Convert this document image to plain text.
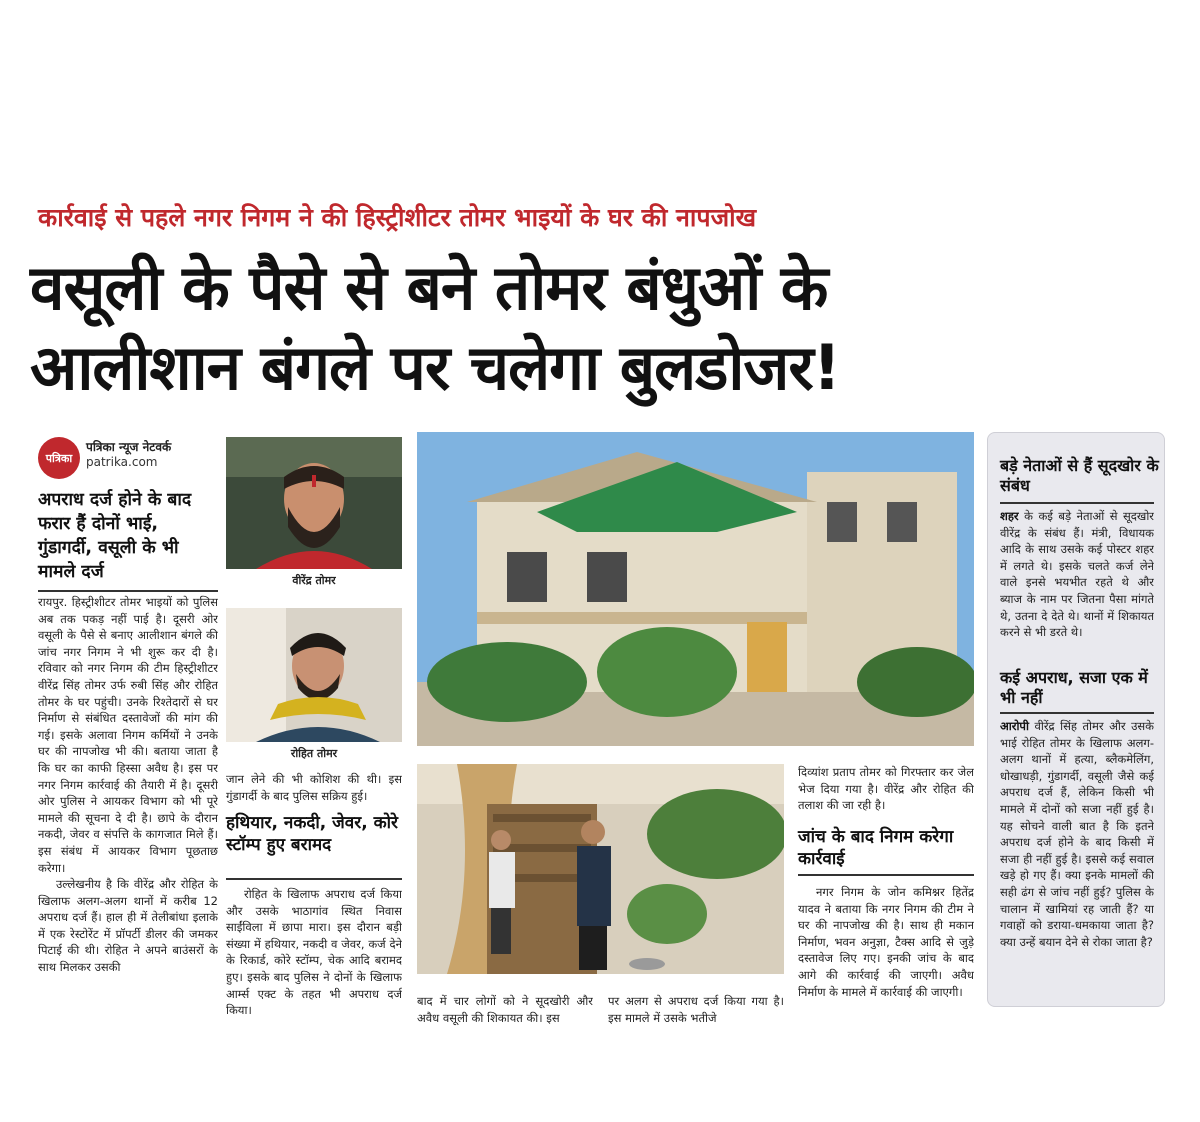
कार्रवाई से पहले नगर निगम ने की हिस्ट्रीशीटर तोमर भाइयों के घर की नापजोख
वसूली के पैसे से बने तोमर बंधुओं के
आलीशान बंगले पर चलेगा बुलडोजर!
पत्रिका
पत्रिका न्यूज नेटवर्क
patrika.com
अपराध दर्ज होने के बाद फरार हैं दोनों भाई, गुंडागर्दी, वसूली के भी मामले दर्ज

रायपुर. हिस्ट्रीशीटर तोमर भाइयों को पुलिस अब तक पकड़ नहीं पाई है। दूसरी ओर वसूली के पैसे से बनाए आलीशान बंगले की जांच नगर निगम ने भी शुरू कर दी है। रविवार को नगर निगम की टीम हिस्ट्रीशीटर वीरेंद्र सिंह तोमर उर्फ रुबी सिंह और रोहित तोमर के घर पहुंची। उनके रिश्तेदारों से घर निर्माण से संबंधित दस्तावेजों की मांग की गई। इसके अलावा निगम कर्मियों ने उनके घर की नापजोख भी की। बताया जाता है कि घर का काफी हिस्सा अवैध है। इस पर नगर निगम कार्रवाई की तैयारी में है। दूसरी ओर पुलिस ने आयकर विभाग को भी पूरे मामले की सूचना दे दी है। छापे के दौरान नकदी, जेवर व संपत्ति के कागजात मिले हैं। इस संबंध में आयकर विभाग पूछताछ करेगा।

उल्लेखनीय है कि वीरेंद्र और रोहित के खिलाफ अलग-अलग थानों में करीब 12 अपराध दर्ज हैं। हाल ही में तेलीबांधा इलाके में एक रेस्टोरेंट में प्रॉपर्टी डीलर की जमकर पिटाई की थी। रोहित ने अपने बाउंसरों के साथ मिलकर उसकी

वीरेंद्र तोमर
रोहित तोमर
जान लेने की भी कोशिश की थी। इस गुंडागर्दी के बाद पुलिस सक्रिय हुई।
हथियार, नकदी, जेवर, कोरे स्टॉम्प हुए बरामद
रोहित के खिलाफ अपराध दर्ज किया और उसके भाठागांव स्थित निवास साईंविला में छापा मारा। इस दौरान बड़ी संख्या में हथियार, नकदी व जेवर, कर्ज देने के रिकार्ड, कोरे स्टॉम्प, चेक आदि बरामद हुए। इसके बाद पुलिस ने दोनों के खिलाफ आर्म्स एक्ट के तहत भी अपराध दर्ज किया।
बाद में चार लोगों को ने सूदखोरी और अवैध वसूली की शिकायत की। इस
पर अलग से अपराध दर्ज किया गया है। इस मामले में उसके भतीजे
दिव्यांश प्रताप तोमर को गिरफ्तार कर जेल भेज दिया गया है। वीरेंद्र और रोहित की तलाश की जा रही है।
जांच के बाद निगम करेगा कार्रवाई
नगर निगम के जोन कमिश्नर हितेंद्र यादव ने बताया कि नगर निगम की टीम ने घर की नापजोख की है। साथ ही मकान निर्माण, भवन अनुज्ञा, टैक्स आदि से जुड़े दस्तावेज लिए गए। इनकी जांच के बाद आगे की कार्रवाई की जाएगी। अवैध निर्माण के मामले में कार्रवाई की जाएगी।
बड़े नेताओं से हैं सूदखोर के संबंध
शहर के कई बड़े नेताओं से सूदखोर वीरेंद्र के संबंध हैं। मंत्री, विधायक आदि के साथ उसके कई पोस्टर शहर में लगते थे। इसके चलते कर्ज लेने वाले इनसे भयभीत रहते थे और ब्याज के नाम पर जितना पैसा मांगते थे, उतना दे देते थे। थानों में शिकायत करने से भी डरते थे।
कई अपराध, सजा एक में भी नहीं
आरोपी वीरेंद्र सिंह तोमर और उसके भाई रोहित तोमर के खिलाफ अलग-अलग थानों में हत्या, ब्लैकमेलिंग, धोखाधड़ी, गुंडागर्दी, वसूली जैसे कई अपराध दर्ज हैं, लेकिन किसी भी मामले में दोनों को सजा नहीं हुई है। यह सोचने वाली बात है कि इतने अपराध दर्ज होने के बाद किसी में सजा ही नहीं हुई है। इससे कई सवाल खड़े हो गए हैं। क्या इनके मामलों की सही ढंग से जांच नहीं हुई? पुलिस के चालान में खामियां रह जाती हैं? या गवाहों को डराया-धमकाया जाता है? क्या उन्हें बयान देने से रोका जाता है?
